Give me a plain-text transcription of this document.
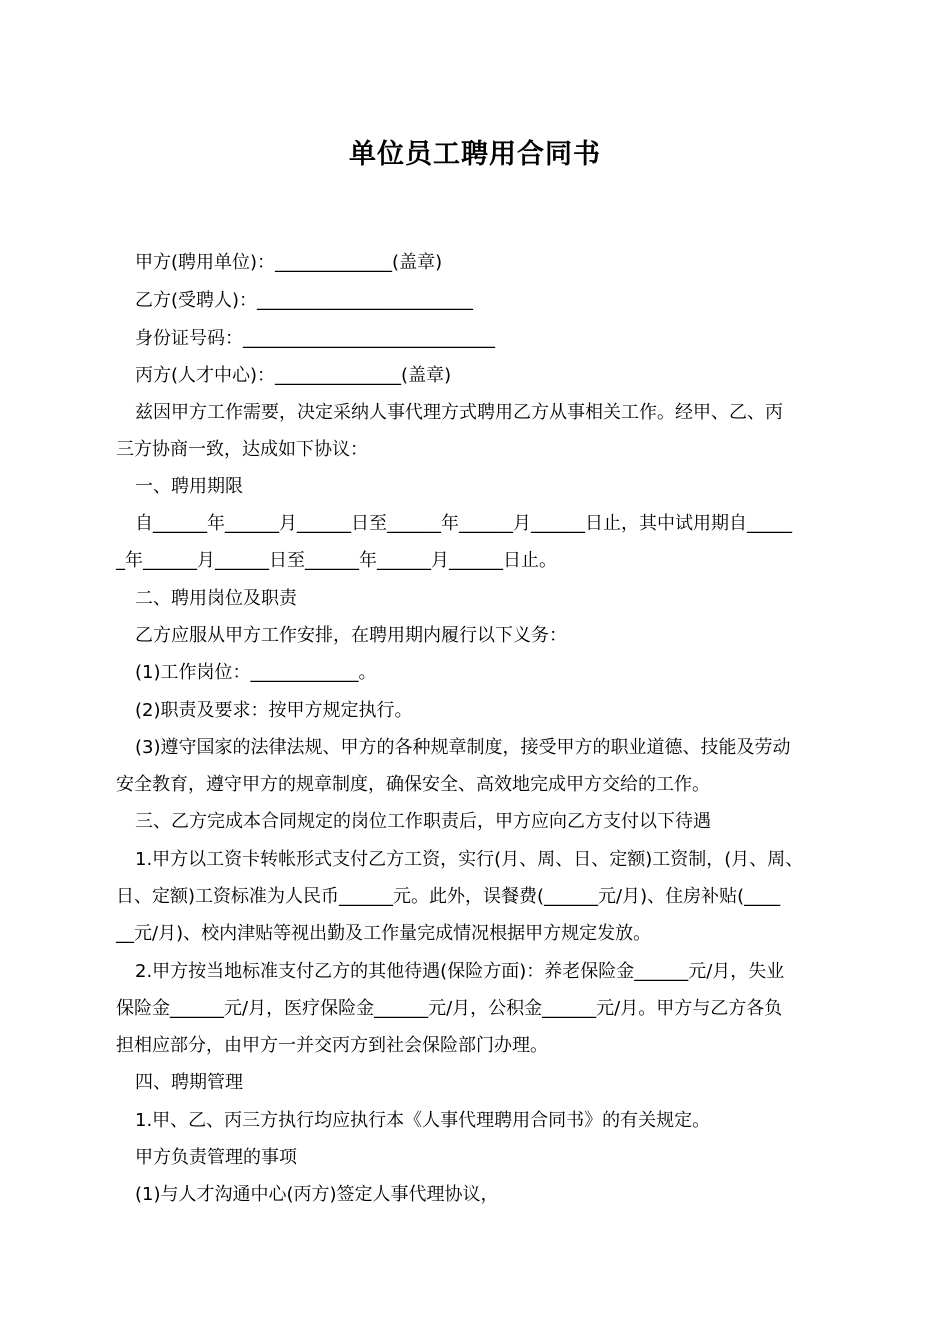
单位员工聘用合同书
甲方(聘用单位)：_____________(盖章)
乙方(受聘人)：________________________
身份证号码：____________________________
丙方(人才中心)：______________(盖章)
兹因甲方工作需要，决定采纳人事代理方式聘用乙方从事相关工作。经甲、乙、丙
三方协商一致，达成如下协议：
一、聘用期限
自______年______月______日至______年______月______日止，其中试用期自_____
_年______月______日至______年______月______日止。
二、聘用岗位及职责
乙方应服从甲方工作安排，在聘用期内履行以下义务：
(1)工作岗位：____________。
(2)职责及要求：按甲方规定执行。
(3)遵守国家的法律法规、甲方的各种规章制度，接受甲方的职业道德、技能及劳动
安全教育，遵守甲方的规章制度，确保安全、高效地完成甲方交给的工作。
三、乙方完成本合同规定的岗位工作职责后，甲方应向乙方支付以下待遇
1.甲方以工资卡转帐形式支付乙方工资，实行(月、周、日、定额)工资制，(月、周、
日、定额)工资标准为人民币______元。此外，误餐费(______元/月)、住房补贴(____
__元/月)、校内津贴等视出勤及工作量完成情况根据甲方规定发放。
2.甲方按当地标准支付乙方的其他待遇(保险方面)：养老保险金______元/月，失业
保险金______元/月，医疗保险金______元/月，公积金______元/月。甲方与乙方各负
担相应部分，由甲方一并交丙方到社会保险部门办理。
四、聘期管理
1.甲、乙、丙三方执行均应执行本《人事代理聘用合同书》的有关规定。
甲方负责管理的事项
(1)与人才沟通中心(丙方)签定人事代理协议，
